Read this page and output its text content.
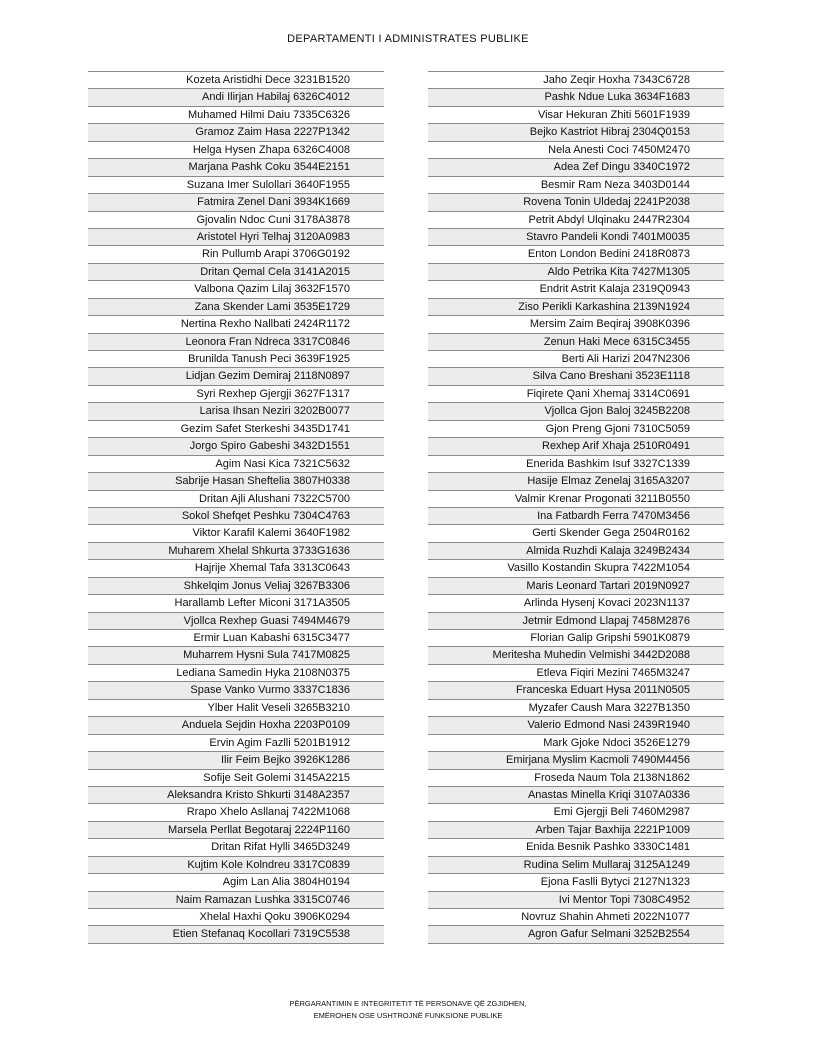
DEPARTAMENTI I ADMINISTRATES PUBLIKE
Kozeta Aristidhi Dece 3231B1520
Andi Ilirjan Habilaj 6326C4012
Muhamed Hilmi Daiu 7335C6326
Gramoz Zaim Hasa 2227P1342
Helga Hysen Zhapa 6326C4008
Marjana Pashk Coku 3544E2151
Suzana Imer Sulollari 3640F1955
Fatmira Zenel Dani 3934K1669
Gjovalin Ndoc Cuni 3178A3878
Aristotel Hyri Telhaj 3120A0983
Rin Pullumb Arapi 3706G0192
Dritan Qemal Cela 3141A2015
Valbona Qazim Lilaj 3632F1570
Zana Skender Lami 3535E1729
Nertina Rexho Nallbati 2424R1172
Leonora Fran Ndreca 3317C0846
Brunilda Tanush Peci 3639F1925
Lidjan Gezim Demiraj 2118N0897
Syri Rexhep Gjergji 3627F1317
Larisa Ihsan Neziri 3202B0077
Gezim Safet Sterkeshi 3435D1741
Jorgo Spiro Gabeshi 3432D1551
Agim Nasi Kica 7321C5632
Sabrije Hasan Sheftelia 3807H0338
Dritan Ajli Alushani 7322C5700
Sokol Shefqet Peshku 7304C4763
Viktor Karafil Kalemi 3640F1982
Muharem Xhelal Shkurta 3733G1636
Hajrije Xhemal Tafa 3313C0643
Shkelqim Jonus Veliaj 3267B3306
Harallamb Lefter Miconi 3171A3505
Vjollca Rexhep Guasi 7494M4679
Ermir Luan Kabashi 6315C3477
Muharrem Hysni Sula 7417M0825
Lediana Samedin Hyka 2108N0375
Spase Vanko Vurmo 3337C1836
Ylber Halit Veseli 3265B3210
Anduela Sejdin Hoxha 2203P0109
Ervin Agim Fazlli 5201B1912
Ilir Feim Bejko 3926K1286
Sofije Seit Golemi 3145A2215
Aleksandra Kristo Shkurti 3148A2357
Rrapo Xhelo Asllanaj 7422M1068
Marsela Perllat Begotaraj 2224P1160
Dritan Rifat Hylli 3465D3249
Kujtim Kole Kolndreu 3317C0839
Agim Lan Alia 3804H0194
Naim Ramazan Lushka 3315C0746
Xhelal Haxhi Qoku 3906K0294
Etien Stefanaq Kocollari 7319C5538
Jaho Zeqir Hoxha 7343C6728
Pashk Ndue Luka 3634F1683
Visar Hekuran Zhiti 5601F1939
Bejko Kastriot Hibraj 2304Q0153
Nela Anesti Coci 7450M2470
Adea Zef Dingu 3340C1972
Besmir Ram Neza 3403D0144
Rovena Tonin Uldedaj 2241P2038
Petrit Abdyl Ulqinaku 2447R2304
Stavro Pandeli Kondi 7401M0035
Enton London Bedini 2418R0873
Aldo Petrika Kita 7427M1305
Endrit Astrit Kalaja 2319Q0943
Ziso Perikli Karkashina 2139N1924
Mersim Zaim Beqiraj 3908K0396
Zenun Haki Mece 6315C3455
Berti Ali Harizi 2047N2306
Silva Cano Breshani 3523E1118
Fiqirete Qani Xhemaj 3314C0691
Vjollca Gjon Baloj 3245B2208
Gjon Preng Gjoni 7310C5059
Rexhep Arif Xhaja 2510R0491
Enerida Bashkim Isuf 3327C1339
Hasije Elmaz Zenelaj 3165A3207
Valmir Krenar Progonati 3211B0550
Ina Fatbardh Ferra 7470M3456
Gerti Skender Gega 2504R0162
Almida Ruzhdi Kalaja 3249B2434
Vasillo Kostandin Skupra 7422M1054
Maris Leonard Tartari 2019N0927
Arlinda Hysenj Kovaci 2023N1137
Jetmir Edmond Llapaj 7458M2876
Florian Galip Gripshi 5901K0879
Meritesha Muhedin Velmishi 3442D2088
Etleva Fiqiri Mezini 7465M3247
Franceska Eduart Hysa 2011N0505
Myzafer Caush Mara 3227B1350
Valerio Edmond Nasi 2439R1940
Mark Gjoke Ndoci 3526E1279
Emirjana Myslim Kacmoli 7490M4456
Froseda Naum Tola 2138N1862
Anastas Minella Kriqi 3107A0336
Emi Gjergji Beli 7460M2987
Arben Tajar Baxhija 2221P1009
Enida Besnik Pashko 3330C1481
Rudina Selim Mullaraj 3125A1249
Ejona Faslli Bytyci 2127N1323
Ivi Mentor Topi 7308C4952
Novruz Shahin Ahmeti 2022N1077
Agron Gafur Selmani 3252B2554
PËRGARANTIMIN E INTEGRITETIT TË PERSONAVE QË ZGJIDHEN,
EMËROHEN OSE USHTROJNË FUNKSIONE PUBLIKE
